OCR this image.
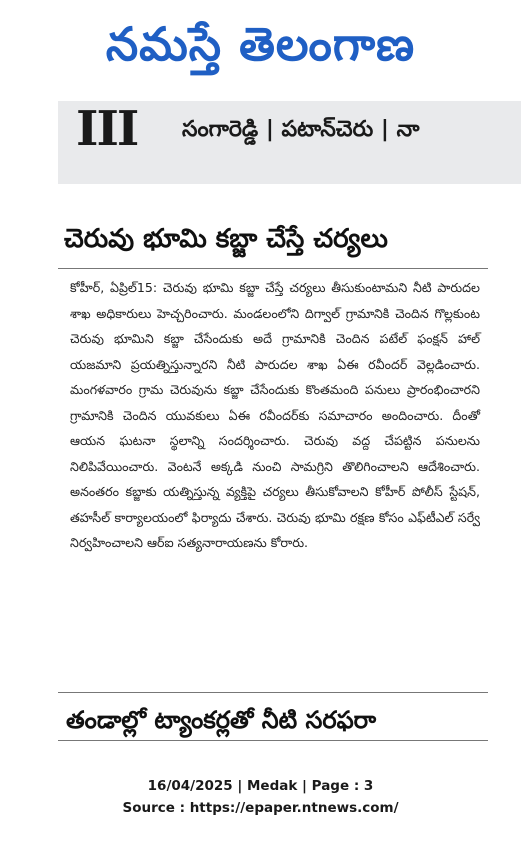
నమస్తే తెలంగాణ
III సంగారెడ్డి | పటాన్‌చెరు | నా
చెరువు భూమి కబ్జా చేస్తే చర్యలు

కోహీర్, ఏప్రిల్15: చెరువు భూమి కబ్జా చేస్తే చర్యలు తీసుకుంటామని నీటి పారుదల శాఖ అధికారులు హెచ్చరించారు. మండలంలోని దిగ్వాల్ గ్రామానికి చెందిన గొల్లకుంట చెరువు భూమిని కబ్జా చేసేందుకు అదే గ్రామానికి చెందిన పటేల్ ఫంక్షన్ హాల్ యజమాని ప్రయత్నిస్తున్నారని నీటి పారుదల శాఖ ఏఈ రవీందర్ వెల్లడించారు. మంగళవారం గ్రామ చెరువును కబ్జా చేసేందుకు కొంతమంది పనులు ప్రారంభించారని గ్రామానికి చెందిన యువకులు ఏఈ రవీందర్‌కు సమాచారం అందించారు. దీంతో ఆయన ఘటనా స్థలాన్ని సందర్శించారు. చెరువు వద్ద చేపట్టిన పనులను నిలిపివేయించారు. వెంటనే అక్కడి నుంచి సామగ్రిని తొలిగించాలని ఆదేశించారు. అనంతరం కబ్జాకు యత్నిస్తున్న వ్యక్తిపై చర్యలు తీసుకోవాలని కోహీర్ పోలీస్ స్టేషన్, తహసీల్ కార్యాలయంలో ఫిర్యాదు చేశారు. చెరువు భూమి రక్షణ కోసం ఎఫ్‌టీఎల్ సర్వే నిర్వహించాలని ఆర్ఐ సత్యనారాయణను కోరారు.

తండాల్లో ట్యాంకర్లతో నీటి సరఫరా
16/04/2025 | Medak | Page : 3
Source : https://epaper.ntnews.com/
